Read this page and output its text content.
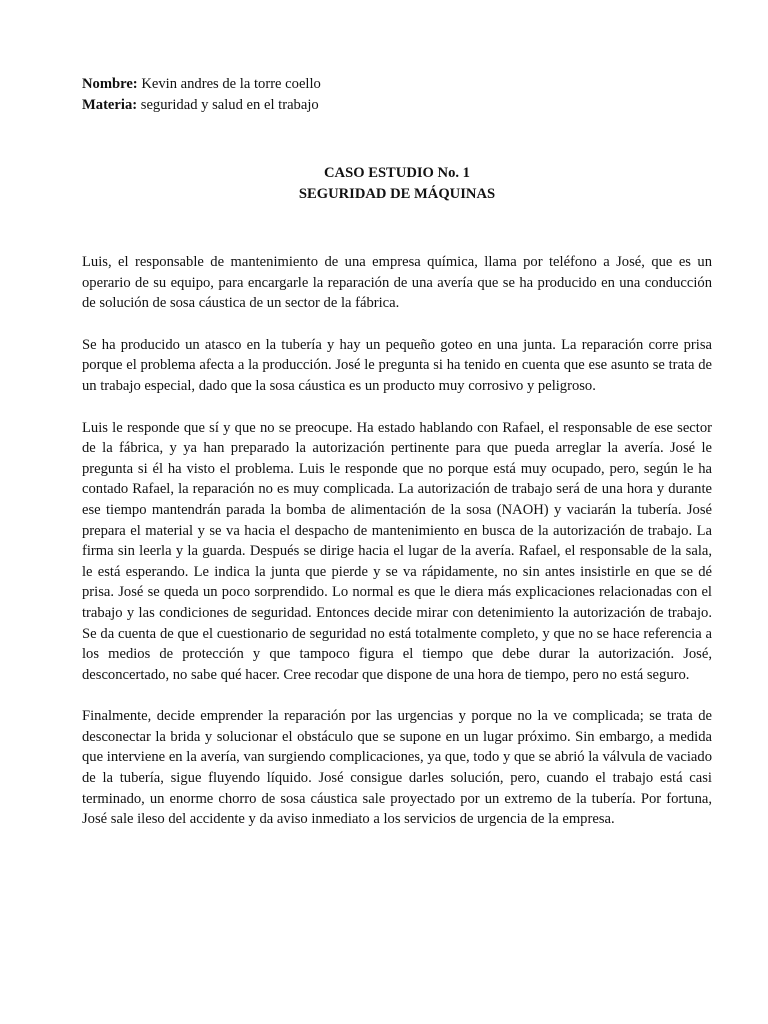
Nombre: Kevin andres de la torre coello

Materia: seguridad y salud en el trabajo

CASO ESTUDIO No. 1
SEGURIDAD DE MÁQUINAS

Luis, el responsable de mantenimiento de una empresa química, llama por teléfono a José, que es un operario de su equipo, para encargarle la reparación de una avería que se ha producido en una conducción de solución de sosa cáustica de un sector de la fábrica.

Se ha producido un atasco en la tubería y hay un pequeño goteo en una junta. La reparación corre prisa porque el problema afecta a la producción. José le pregunta si ha tenido en cuenta que ese asunto se trata de un trabajo especial, dado que la sosa cáustica es un producto muy corrosivo y peligroso.

Luis le responde que sí y que no se preocupe. Ha estado hablando con Rafael, el responsable de ese sector de la fábrica, y ya han preparado la autorización pertinente para que pueda arreglar la avería. José le pregunta si él ha visto el problema. Luis le responde que no porque está muy ocupado, pero, según le ha contado Rafael, la reparación no es muy complicada. La autorización de trabajo será de una hora y durante ese tiempo mantendrán parada la bomba de alimentación de la sosa (NAOH) y vaciarán la tubería. José prepara el material y se va hacia el despacho de mantenimiento en busca de la autorización de trabajo. La firma sin leerla y la guarda. Después se dirige hacia el lugar de la avería. Rafael, el responsable de la sala, le está esperando. Le indica la junta que pierde y se va rápidamente, no sin antes insistirle en que se dé prisa. José se queda un poco sorprendido. Lo normal es que le diera más explicaciones relacionadas con el trabajo y las condiciones de seguridad. Entonces decide mirar con detenimiento la autorización de trabajo. Se da cuenta de que el cuestionario de seguridad no está totalmente completo, y que no se hace referencia a los medios de protección y que tampoco figura el tiempo que debe durar la autorización. José, desconcertado, no sabe qué hacer. Cree recodar que dispone de una hora de tiempo, pero no está seguro.

Finalmente, decide emprender la reparación por las urgencias y porque no la ve complicada; se trata de desconectar la brida y solucionar el obstáculo que se supone en un lugar próximo. Sin embargo, a medida que interviene en la avería, van surgiendo complicaciones, ya que, todo y que se abrió la válvula de vaciado de la tubería, sigue fluyendo líquido. José consigue darles solución, pero, cuando el trabajo está casi terminado, un enorme chorro de sosa cáustica sale proyectado por un extremo de la tubería. Por fortuna, José sale ileso del accidente y da aviso inmediato a los servicios de urgencia de la empresa.
